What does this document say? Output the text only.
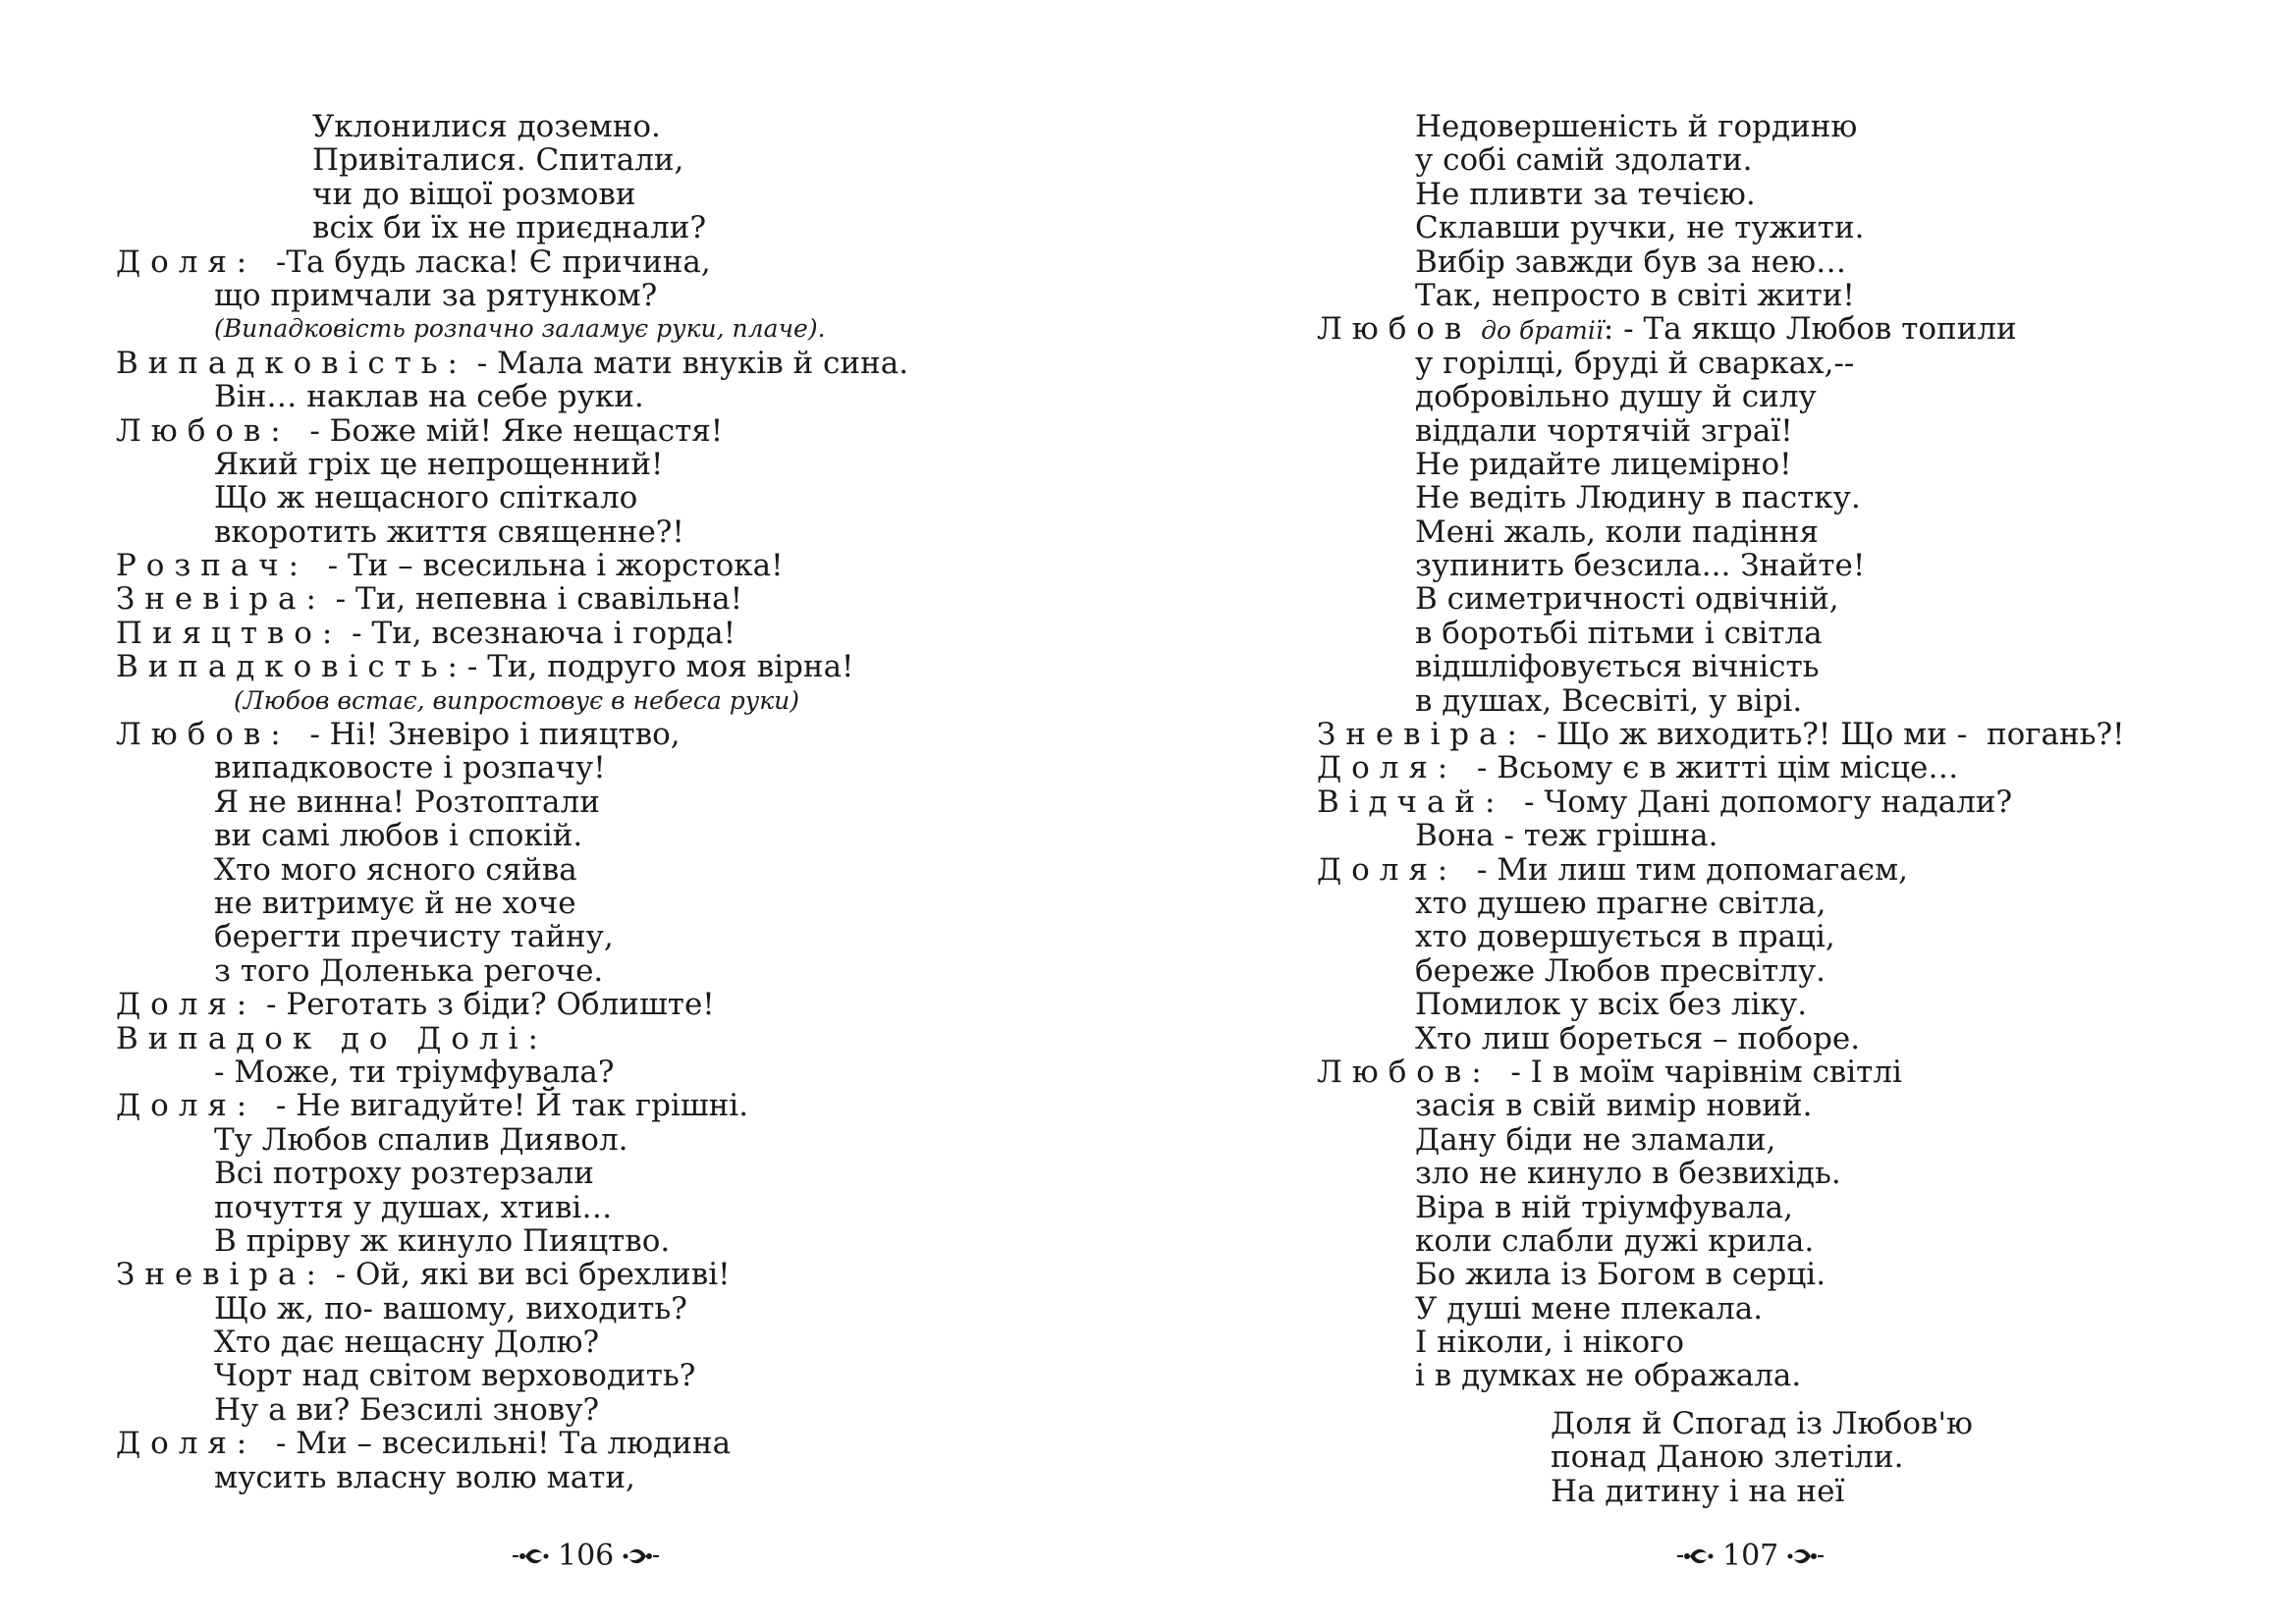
Уклонилися доземно.
Привіталися. Спитали,
чи до віщої розмови
всіх би їх не приєднали?
Доля:  -Та будь ласка! Є причина,
що примчали за рятунком?
(Випадковість розпачно заламує руки, плаче).
Випадковість: - Мала мати внуків й сина.
Він… наклав на себе руки.
Любов:  - Боже мій! Яке нещастя!
Який гріх це непрощенний!
Що ж нещасного спіткало
вкоротить життя священне?!
Розпач:  - Ти – всесильна і жорстока!
Зневіра: - Ти, непевна і свавільна!
Пияцтво: - Ти, всезнаюча і горда!
Випадковість:- Ти, подруго моя вірна!
(Любов встає, випростовує в небеса руки)
Любов:  - Ні! Зневіро і пияцтво,
випадковосте і розпачу!
Я не винна! Розтоптали
ви самі любов і спокій.
Хто мого ясного сяйва
не витримує й не хоче
берегти пречисту тайну,
з того Доленька регоче.
Доля: - Реготать з біди? Облиште!
Випадок до Долі:
- Може, ти тріумфувала?
Доля:  - Не вигадуйте! Й так грішні.
Ту Любов спалив Диявол.
Всі потроху розтерзали
почуття у душах, хтиві…
В прірву ж кинуло Пияцтво.
Зневіра: - Ой, які ви всі брехливі!
Що ж, по- вашому, виходить?
Хто дає нещасну Долю?
Чорт над світом верховодить?
Ну а ви? Безсилі знову?
Доля:  - Ми – всесильні! Та людина
мусить власну волю мати,
106
Недовершеність й гординю
у собі самій здолати.
Не пливти за течією.
Склавши ручки, не тужити.
Вибір завжди був за нею…
Так, непросто в світі жити!
Любов до братії: - Та якщо Любов топили
у горілці, бруді й сварках,--
добровільно душу й силу
віддали чортячій зграї!
Не ридайте лицемірно!
Не ведіть Людину в пастку.
Мені жаль, коли падіння
зупинить безсила... Знайте!
В симетричності одвічній,
в боротьбі пітьми і світла
відшліфовується вічність
в душах, Всесвіті, у вірі.
Зневіра: - Що ж виходить?! Що ми -  погань?!
Доля:  - Всьому є в житті цім місце…
Відчай:  - Чому Дані допомогу надали?
Вона - теж грішна.
Доля:  - Ми лиш тим допомагаєм,
хто душею прагне світла,
хто довершується в праці,
береже Любов пресвітлу.
Помилок у всіх без ліку.
Хто лиш бореться – поборе.
Любов:  - І в моїм чарівнім світлі
засія в свій вимір новий.
Дану біди не зламали,
зло не кинуло в безвихідь.
Віра в ній тріумфувала,
коли слабли дужі крила.
Бо жила із Богом в серці.
У душі мене плекала.
І ніколи, і нікого
і в думках не ображала.
Доля й Спогад із Любов'ю
понад Даною злетіли.
На дитину і на неї
107
